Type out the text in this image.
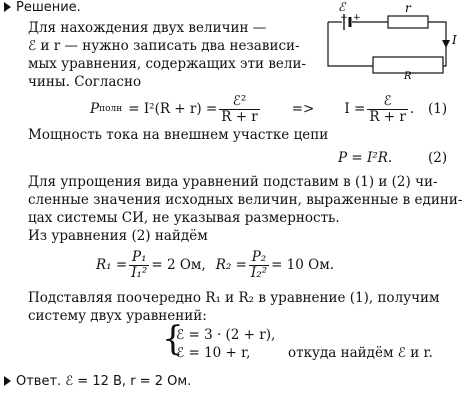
Решение.
Для нахождения двух величин —
ℰ и r — нужно записать два независи-
мых уравнения, содержащих эти вели-
чины. Согласно
ℰ
− +
r
I
R
P полн = $I^2(R + r) = \frac{\text{ℰ²}}{R + r} => I = \frac{\text{ℰ}}{R + r}$ . (1)
Мощность тока на внешнем участке цепи
P = I²R.	(2)
Для упрощения вида уравнений подставим в (1) и (2) чи-
сленные значения исходных величин, выраженные в едини-
цах системы СИ, не указывая размерность.
Из уравнения (2) найдём
$R_1 = \frac{\text{P₁}}{\text{I₁²}} = 2$ Ом, $R_2 = \frac{\text{P₂}}{\text{I₂²}} = 10$ Ом.
Подставляя поочередно R₁ и R₂ в уравнение (1), получим
систему двух уравнений:
{
ℰ = 3 · (2 + r),
ℰ = 10 + r,	откуда найдём ℰ и r.
Ответ. ℰ = 12 В, r = 2 Ом.
